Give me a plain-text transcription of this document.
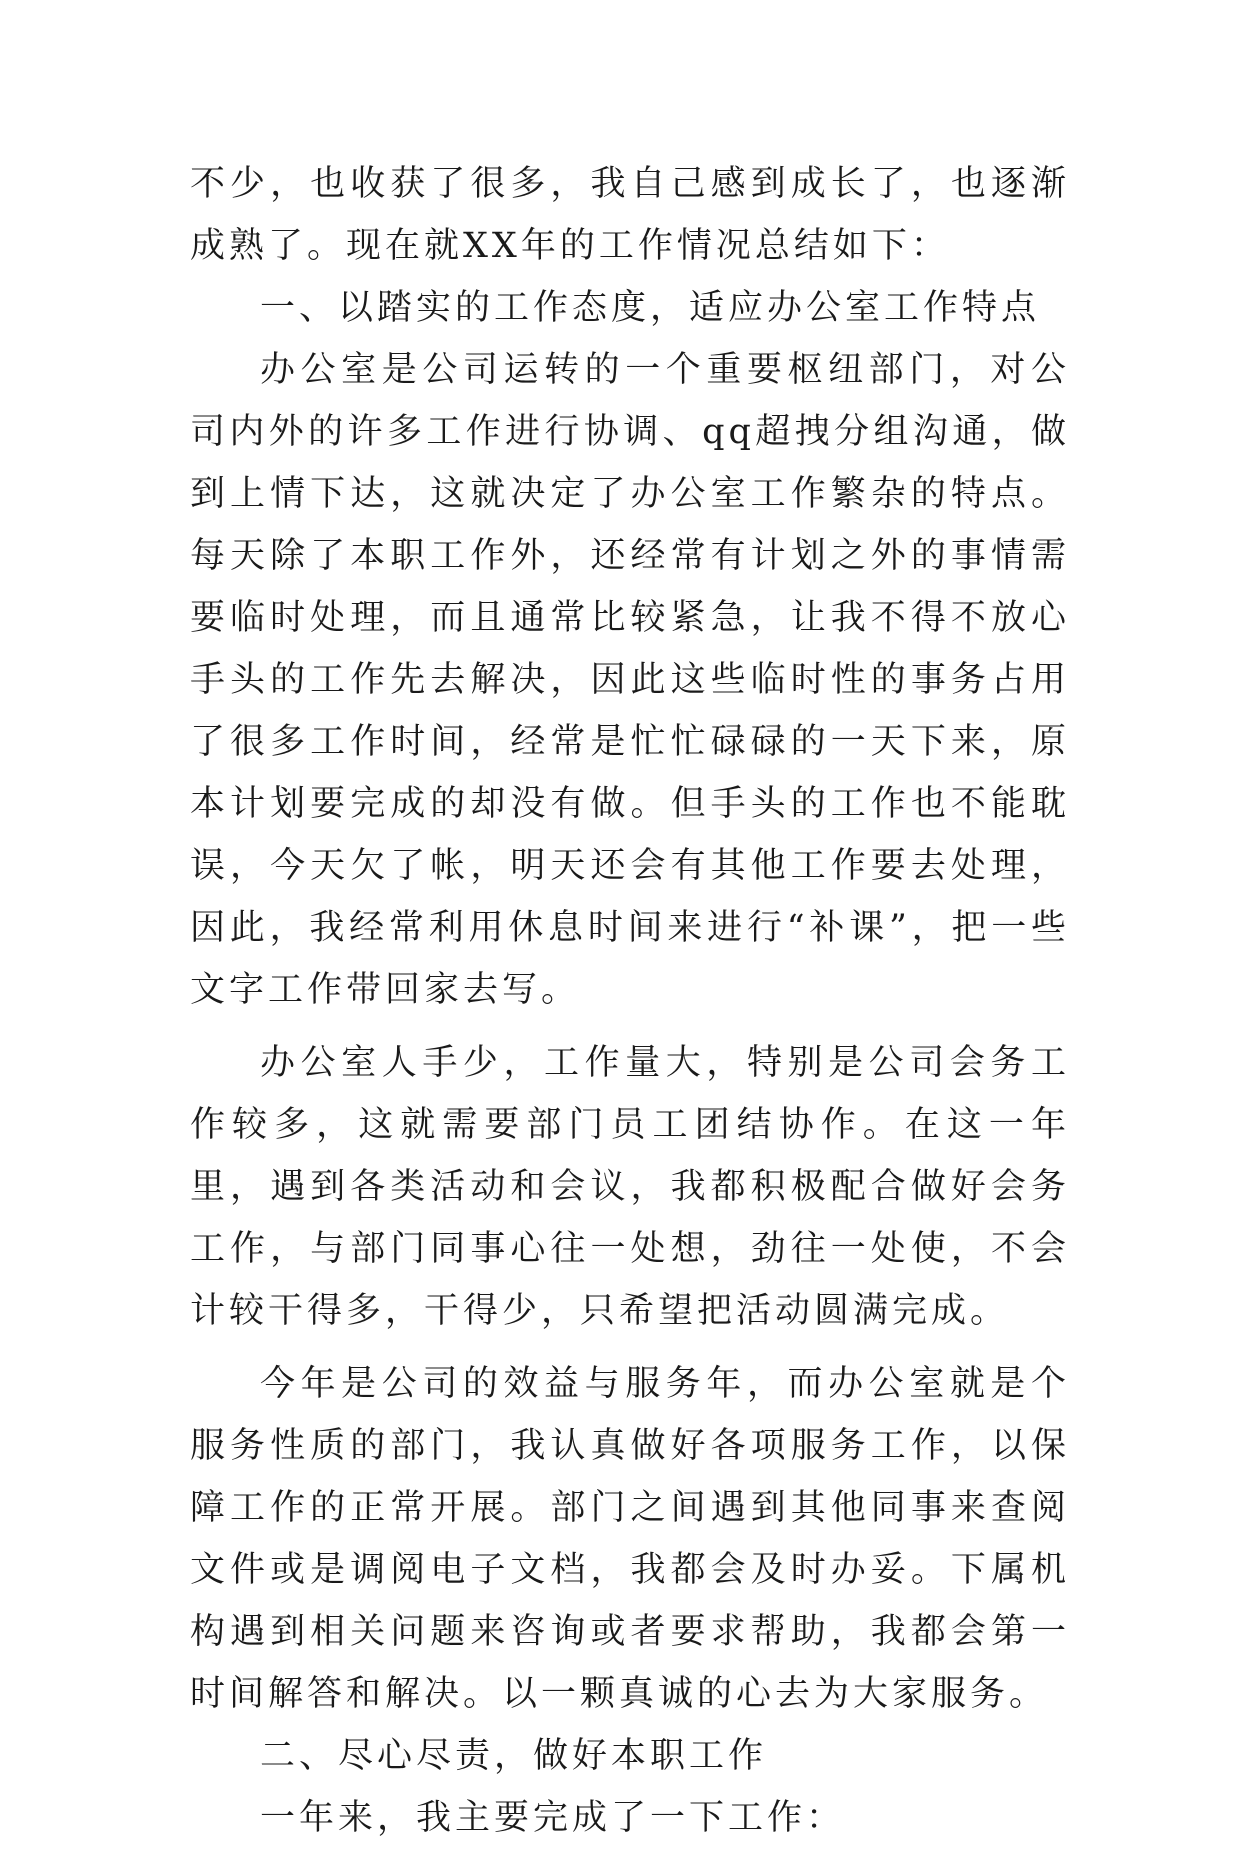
不少，也收获了很多，我自己感到成长了，也逐渐成熟了。现在就XX年的工作情况总结如下：

一、以踏实的工作态度，适应办公室工作特点

办公室是公司运转的一个重要枢纽部门，对公司内外的许多工作进行协调、qq超拽分组沟通，做到上情下达，这就决定了办公室工作繁杂的特点。每天除了本职工作外，还经常有计划之外的事情需要临时处理，而且通常比较紧急，让我不得不放心手头的工作先去解决，因此这些临时性的事务占用了很多工作时间，经常是忙忙碌碌的一天下来，原本计划要完成的却没有做。但手头的工作也不能耽误，今天欠了帐，明天还会有其他工作要去处理，因此，我经常利用休息时间来进行“补课”，把一些文字工作带回家去写。

办公室人手少，工作量大，特别是公司会务工作较多，这就需要部门员工团结协作。在这一年里，遇到各类活动和会议，我都积极配合做好会务工作，与部门同事心往一处想，劲往一处使，不会计较干得多，干得少，只希望把活动圆满完成。

今年是公司的效益与服务年，而办公室就是个服务性质的部门，我认真做好各项服务工作，以保障工作的正常开展。部门之间遇到其他同事来查阅文件或是调阅电子文档，我都会及时办妥。下属机构遇到相关问题来咨询或者要求帮助，我都会第一时间解答和解决。以一颗真诚的心去为大家服务。

二、尽心尽责，做好本职工作

一年来，我主要完成了一下工作：
